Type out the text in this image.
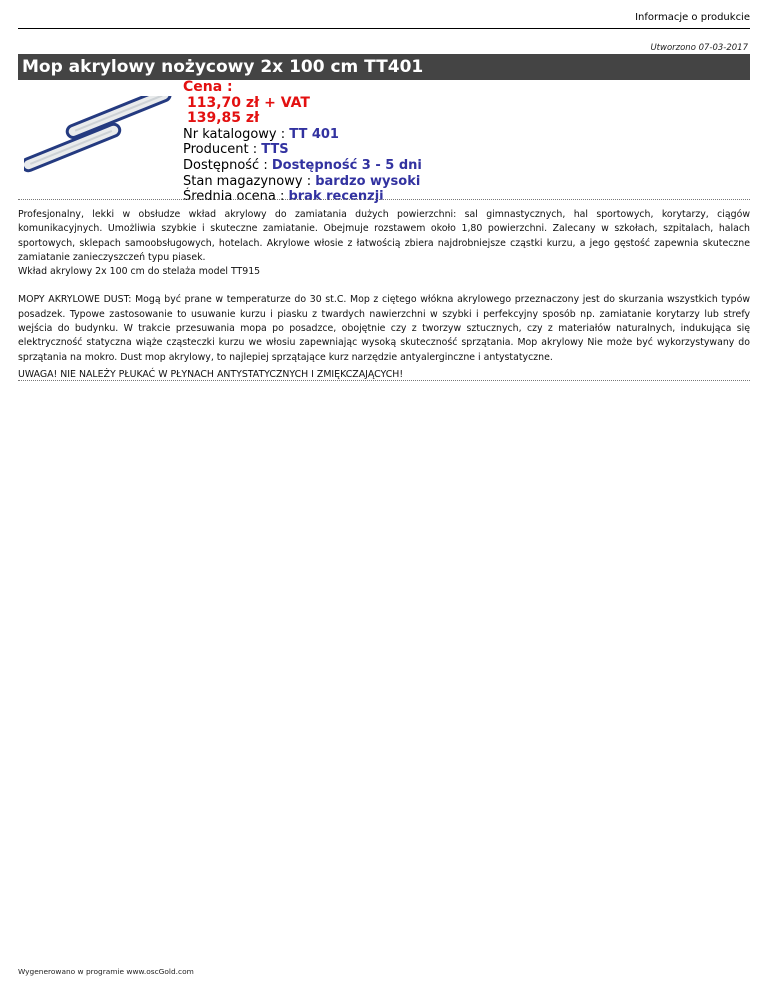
Informacje o produkcie
Utworzono 07-03-2017
Mop akrylowy nożycowy 2x 100 cm TT401
Cena :
113,70 zł + VAT
139,85 zł
Nr katalogowy : TT 401
Producent : TTS
Dostępność : Dostępność 3 - 5 dni
Stan magazynowy : bardzo wysoki
Średnia ocena : brak recenzji

Profesjonalny, lekki w obsłudze wkład akrylowy do zamiatania dużych powierzchni: sal gimnastycznych, hal sportowych, korytarzy, ciągów komunikacyjnych. Umożliwia szybkie i skuteczne zamiatanie. Obejmuje rozstawem około 1,80 powierzchni. Zalecany w szkołach, szpitalach, halach sportowych, sklepach samoobsługowych, hotelach. Akrylowe włosie z łatwością zbiera najdrobniejsze cząstki kurzu, a jego gęstość zapewnia skuteczne zamiatanie zanieczyszczeń typu piasek.

Wkład akrylowy 2x 100 cm do stelaża model TT915

MOPY AKRYLOWE DUST: Mogą być prane w temperaturze do 30 st.C. Mop z ciętego włókna akrylowego przeznaczony jest do skurzania wszystkich typów posadzek. Typowe zastosowanie to usuwanie kurzu i piasku z twardych nawierzchni w szybki i perfekcyjny sposób np. zamiatanie korytarzy lub strefy wejścia do budynku. W trakcie przesuwania mopa po posadzce, obojętnie czy z tworzyw sztucznych, czy z materiałów naturalnych, indukująca się elektryczność statyczna wiąże cząsteczki kurzu we włosiu zapewniając wysoką skuteczność sprzątania. Mop akrylowy Nie może być wykorzystywany do sprzątania na mokro. Dust mop akrylowy, to najlepiej sprzątające kurz narzędzie antyalerginczne i antystatyczne.

UWAGA! NIE NALEŻY PŁUKAĆ W PŁYNACH ANTYSTATYCZNYCH I ZMIĘKCZAJĄCYCH!
Wygenerowano w programie www.oscGold.com
